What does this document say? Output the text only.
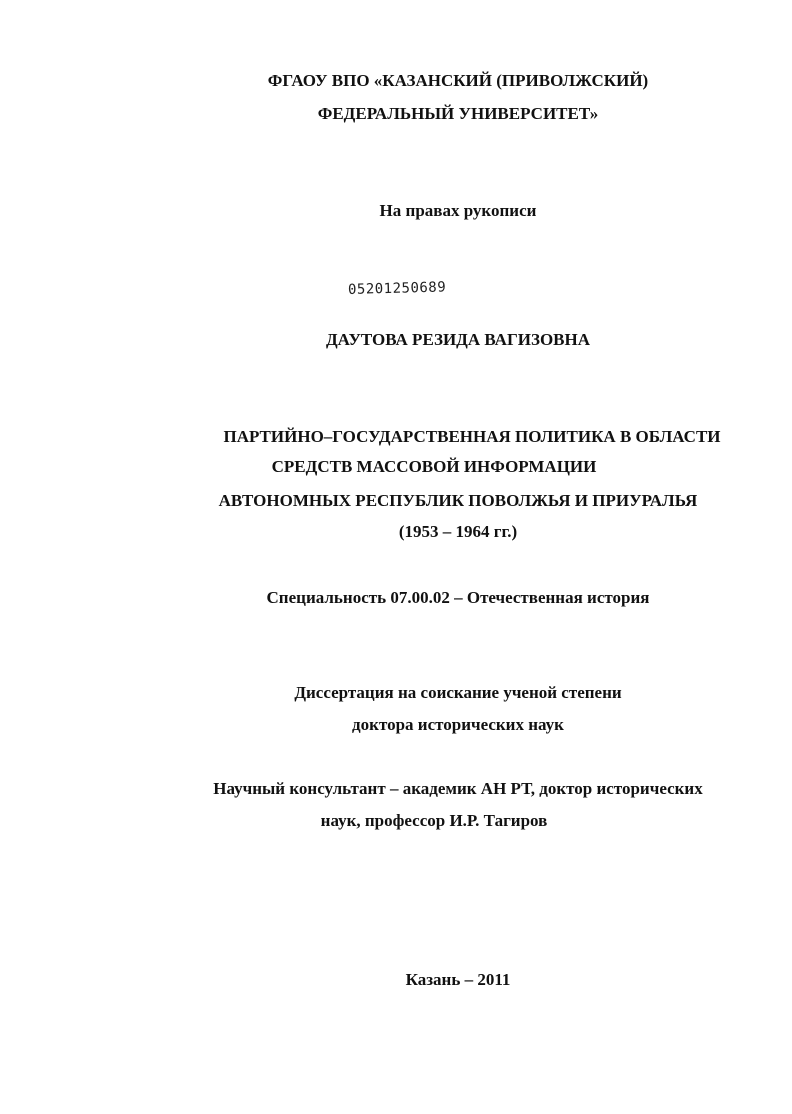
ФГАОУ ВПО «КАЗАНСКИЙ (ПРИВОЛЖСКИЙ)
ФЕДЕРАЛЬНЫЙ УНИВЕРСИТЕТ»
На правах рукописи
05201250689
ДАУТОВА РЕЗИДА ВАГИЗОВНА
ПАРТИЙНО–ГОСУДАРСТВЕННАЯ ПОЛИТИКА В ОБЛАСТИ
СРЕДСТВ МАССОВОЙ ИНФОРМАЦИИ
АВТОНОМНЫХ РЕСПУБЛИК ПОВОЛЖЬЯ И ПРИУРАЛЬЯ
(1953 – 1964 гг.)
Специальность 07.00.02 – Отечественная история
Диссертация на соискание ученой степени
доктора исторических наук
Научный консультант – академик АН РТ, доктор исторических
наук, профессор И.Р. Тагиров
Казань – 2011
